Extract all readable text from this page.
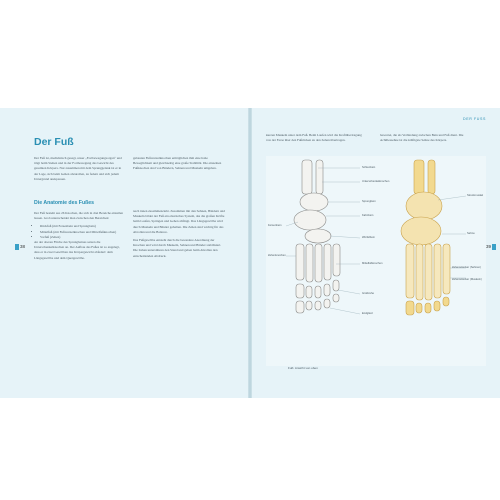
38
Der Fuß

Der Fuß ist, medizinisch gesagt, unser „Fortbewegungsorgan“ und trägt beim Stehen und in der Fortbewegung das Gewicht des gesamten Körpers. Nur zusammen mit dem Sprunggelenk ist er in der Lage, sich beim Gehen abzurollen, zu federn und sich jedem Untergrund anzupassen.

Die Anatomie des Fußes

Der Fuß besteht aus 26 Knochen, die sich in drei Bereiche einteilen lassen. Grob unterscheidet man zwischen den Bereichen:

• Rückfuß (mit Fersenbein und Sprungbein)
• Mittelfuß (mit Fußwurzelknochen und Mittelfußknochen)
• Vorfuß (Zehen)

An der oberen Fläche des Sprungbeines setzen die Unterschenkelknochen an. Der Aufbau des Fußes ist so angelegt, dass er in zwei Gewölben das Körpergewicht abfedert: dem Längsgewölbe und dem Quergewölbe.

gebauten Fußwurzelknochen ermöglichen ihm eine hohe Beweglichkeit und gleichzeitig eine große Stabilität. Die einzelnen Fußknochen sind von Bändern, Sehnen und Muskeln umgeben.

nach innen zusammenzieht. Zusammen mit den Sehnen, Bändern und Muskeln bildet der Fuß ein elastisches System, das die großen Kräfte beim Laufen, Springen und Gehen abfängt. Das Längsgewölbe wird durch Muskeln und Bänder gehalten. Die Zehen sind wichtig für das Abrollen und die Balance.

Das Fußgewölbe entsteht durch die besondere Anordnung der Knochen und wird durch Muskeln, Sehnen und Bänder stabilisiert. Die Zehen unterstützen den Stand und geben beim Abrollen den entscheidenden Abdruck.

DER FUSS
39

kurzen Muskeln unter dem Fuß. Beim Laufen wird die Kraftübertragung von der Ferse über den Fußrücken zu den Zehen übertragen.

bewertet, die als Verbindung zwischen Bein und Fuß dient. Die Achillessehne ist die kräftigste Sehne des Körpers.

Schienbein
Unterschenkelknochen
Sprungbein
Kahnbein
Fersenbein
Würfelbein
Mittelfußknochen
Zehenknochen
Großzehe
Endglied
Streckmuskel
Sehne
Zehenstrecker (Sehnen)
Zehenstrecker (Muskeln)
Fuß: Ansicht von oben
